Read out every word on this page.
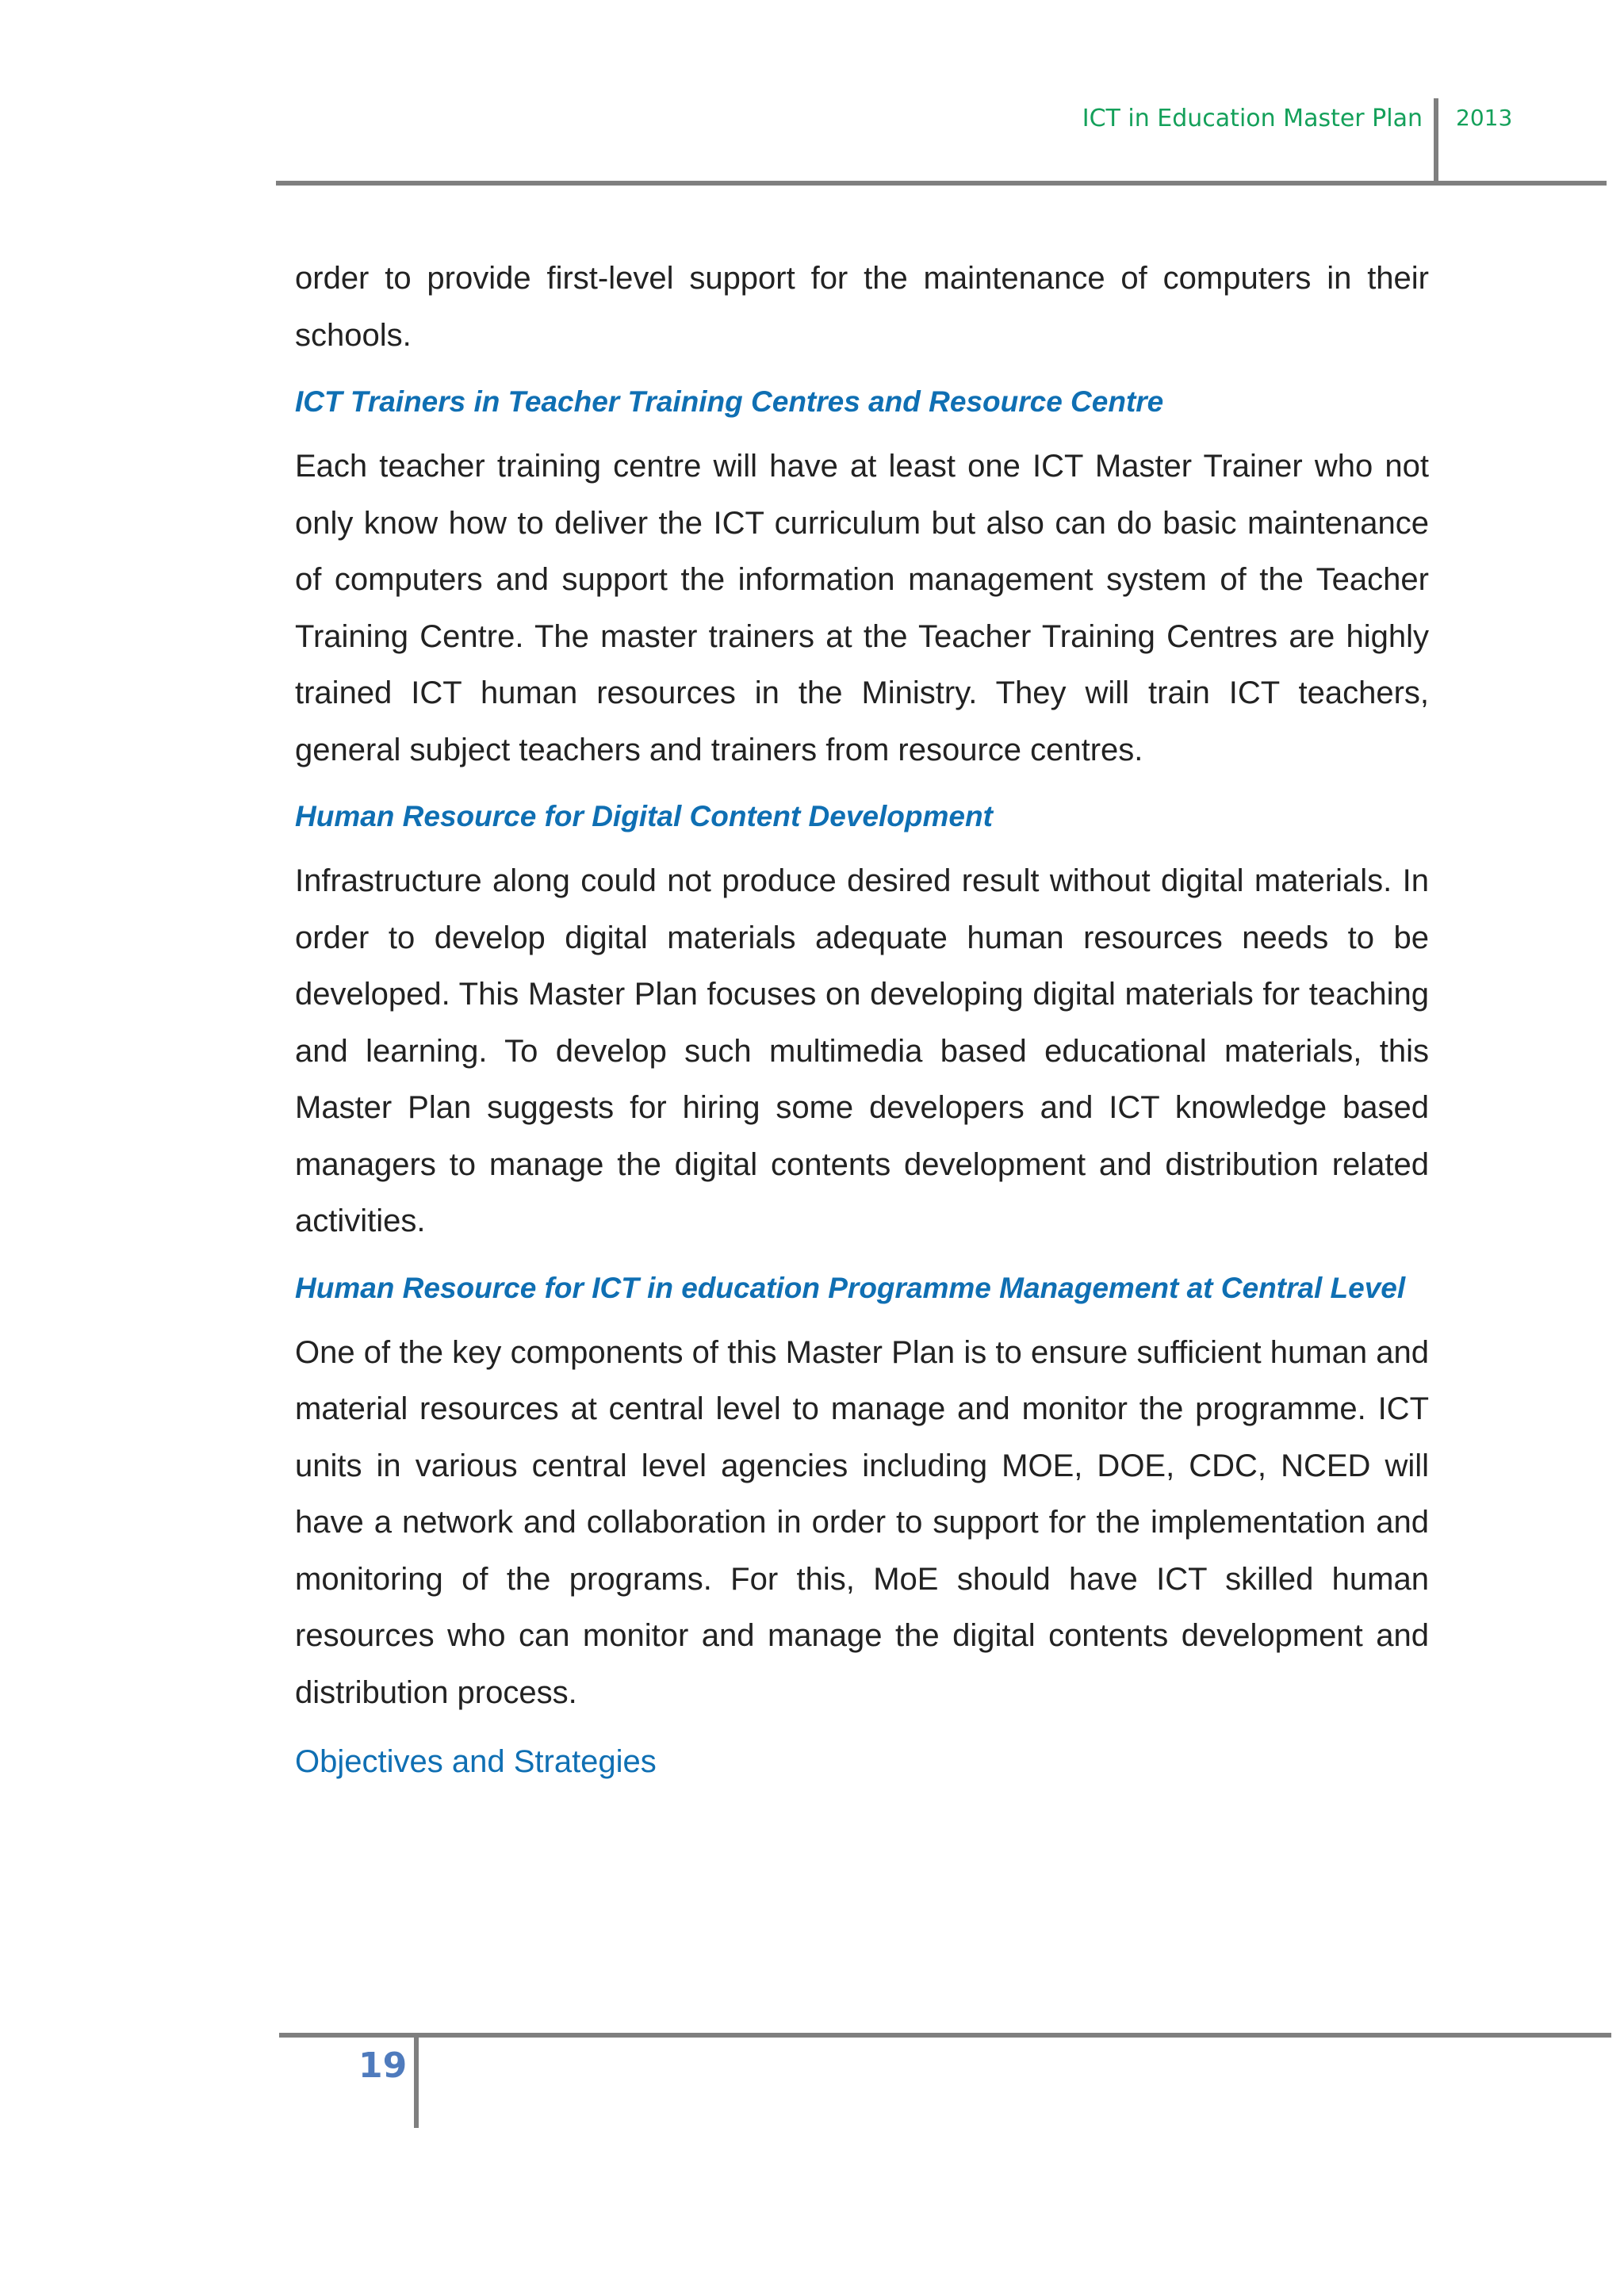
ICT in Education Master Plan 2013

order to provide first-level support for the maintenance of computers in their schools.

ICT Trainers in Teacher Training Centres and Resource Centre

Each teacher training centre will have at least one ICT Master Trainer who not only know how to deliver the ICT curriculum but also can do basic maintenance of computers and support the information management system of the Teacher Training Centre. The master trainers at the Teacher Training Centres are highly trained ICT human resources in the Ministry. They will train ICT teachers, general subject teachers and trainers from resource centres.

Human Resource for Digital Content Development

Infrastructure along could not produce desired result without digital materials. In order to develop digital materials adequate human resources needs to be developed. This Master Plan focuses on developing digital materials for teaching and learning. To develop such multimedia based educational materials, this Master Plan suggests for hiring some developers and ICT knowledge based managers to manage the digital contents development and distribution related activities.

Human Resource for ICT in education Programme Management at Central Level

One of the key components of this Master Plan is to ensure sufficient human and material resources at central level to manage and monitor the programme. ICT units in various central level agencies including MOE, DOE, CDC, NCED will have a network and collaboration in order to support for the implementation and monitoring of the programs. For this, MoE should have ICT skilled human resources who can monitor and manage the digital contents development and distribution process.

Objectives and Strategies

19
